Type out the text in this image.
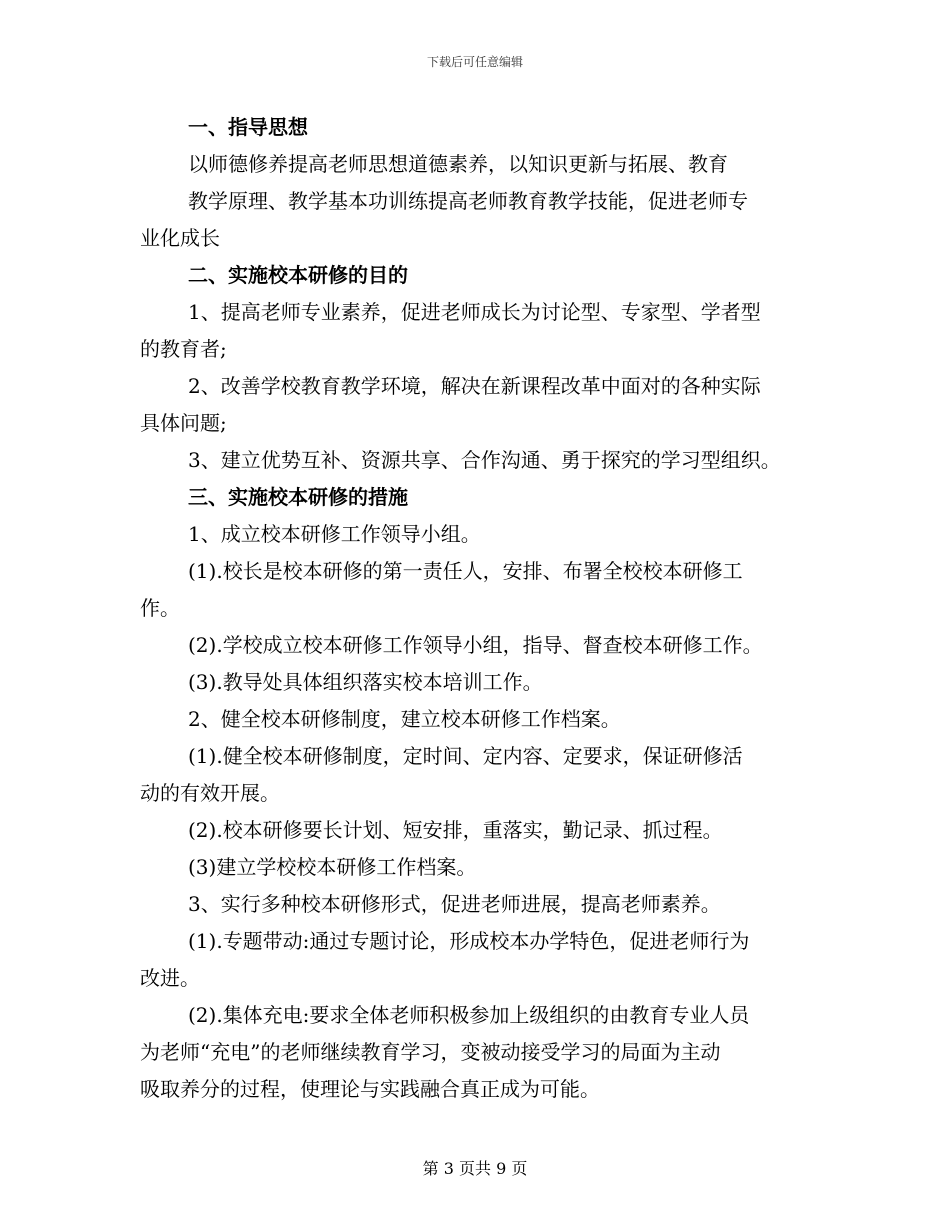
下载后可任意编辑
一、指导思想
以师德修养提高老师思想道德素养，以知识更新与拓展、教育
教学原理、教学基本功训练提高老师教育教学技能，促进老师专
业化成长
二、实施校本研修的目的
1、提高老师专业素养，促进老师成长为讨论型、专家型、学者型
的教育者;
2、改善学校教育教学环境，解决在新课程改革中面对的各种实际
具体问题;
3、建立优势互补、资源共享、合作沟通、勇于探究的学习型组织。
三、实施校本研修的措施
1、成立校本研修工作领导小组。
(1).校长是校本研修的第一责任人，安排、布署全校校本研修工
作。
(2).学校成立校本研修工作领导小组，指导、督查校本研修工作。
(3).教导处具体组织落实校本培训工作。
2、健全校本研修制度，建立校本研修工作档案。
(1).健全校本研修制度，定时间、定内容、定要求，保证研修活
动的有效开展。
(2).校本研修要长计划、短安排，重落实，勤记录、抓过程。
(3)建立学校校本研修工作档案。
3、实行多种校本研修形式，促进老师进展，提高老师素养。
(1).专题带动:通过专题讨论，形成校本办学特色，促进老师行为
改进。
(2).集体充电:要求全体老师积极参加上级组织的由教育专业人员
为老师“充电”的老师继续教育学习，变被动接受学习的局面为主动
吸取养分的过程，使理论与实践融合真正成为可能。
第 3 页共 9 页
